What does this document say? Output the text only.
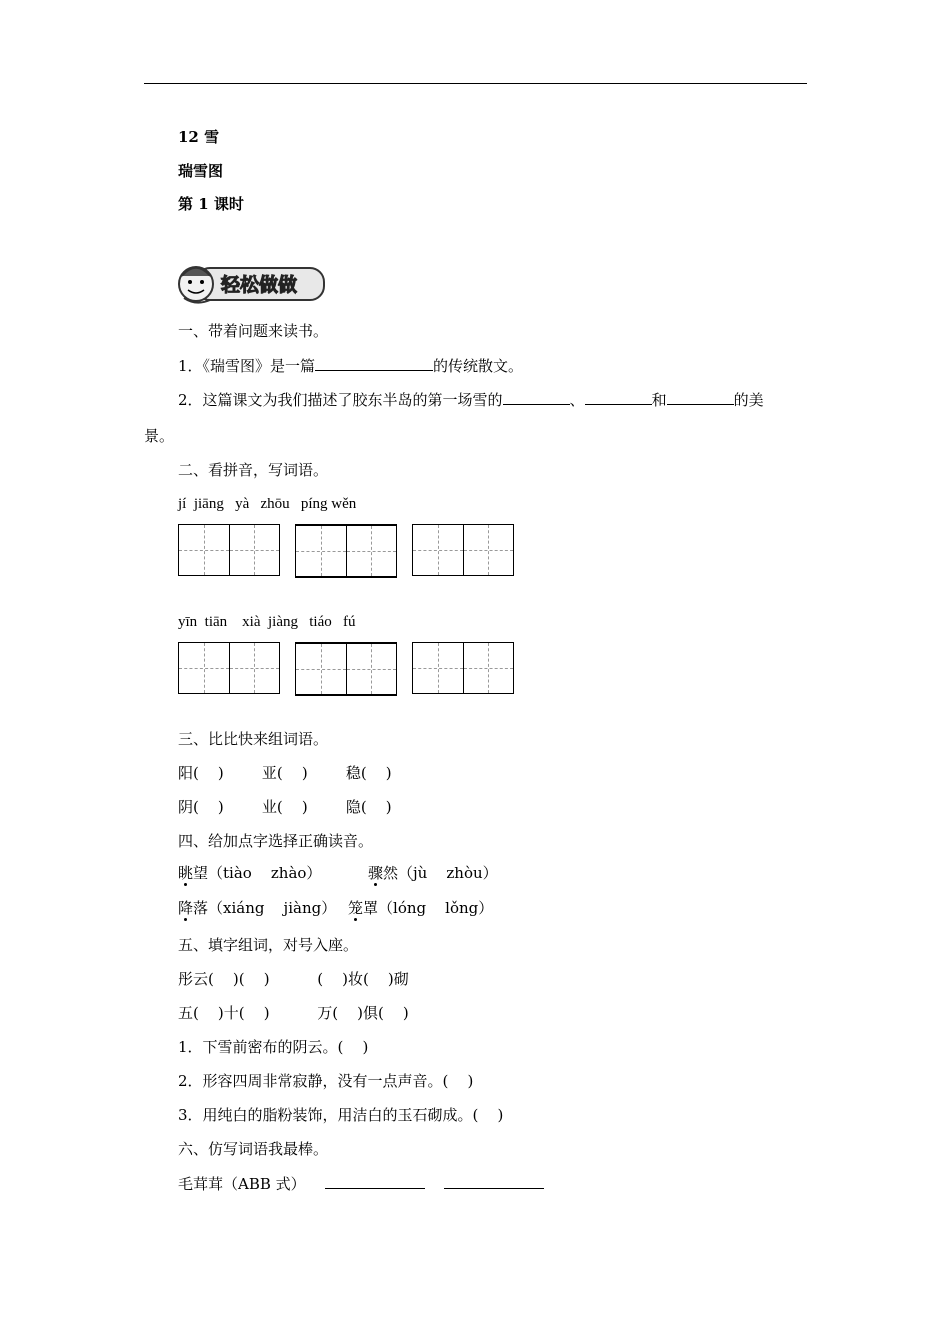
12 雪
瑞雪图
第 1 课时
轻松做做
一、带着问题来读书。
1．《瑞雪图》是一篇	的传统散文。
2．这篇课文为我们描述了胶东半岛的第一场雪的	、	和	的美
景。
二、看拼音，写词语。
jí  jiāng   yà   zhōu   píng wěn
yīn  tiān    xià  jiàng   tiáo   fú
三、比比快来组词语。
阳(    )        亚(    )        稳(    )
阴(    )        业(    )        隐(    )
四、给加点字选择正确读音。
眺望（tiào    zhào）	骤然（jù    zhòu）
降落（xiáng    jiàng） 笼罩（lóng    lǒng）
五、填字组词，对号入座。
彤云(    )(    )          (    )妆(    )砌
五(    )十(    )          万(    )俱(    )
1．下雪前密布的阴云。(    )
2．形容四周非常寂静，没有一点声音。(    )
3．用纯白的脂粉装饰，用洁白的玉石砌成。(    )
六、仿写词语我最棒。
毛茸茸（ABB 式）
